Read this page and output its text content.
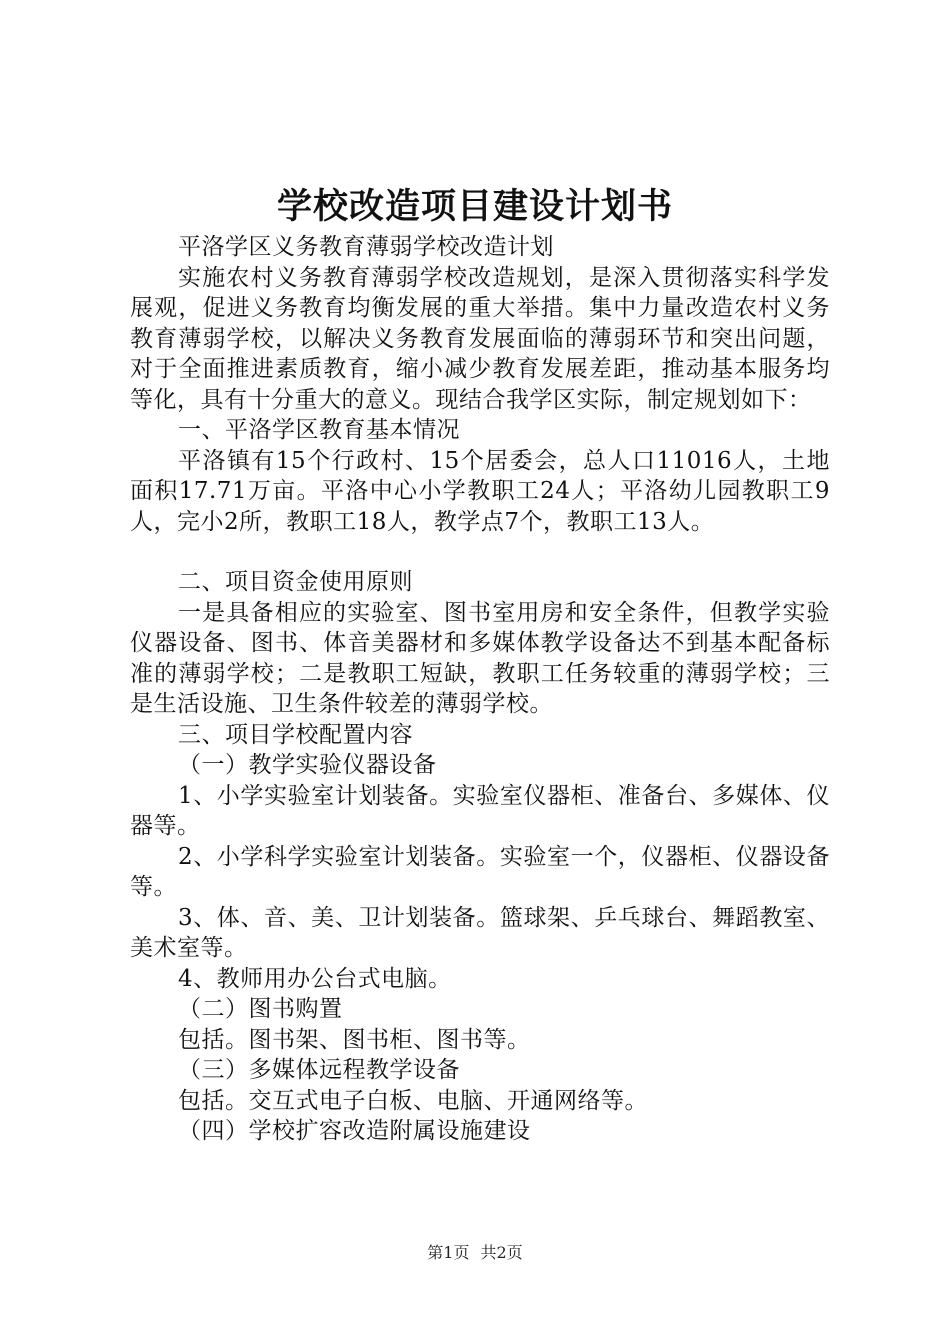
学校改造项目建设计划书

平洛学区义务教育薄弱学校改造计划

实施农村义务教育薄弱学校改造规划，是深入贯彻落实科学发展观，促进义务教育均衡发展的重大举措。集中力量改造农村义务教育薄弱学校，以解决义务教育发展面临的薄弱环节和突出问题，对于全面推进素质教育，缩小减少教育发展差距，推动基本服务均等化，具有十分重大的意义。现结合我学区实际，制定规划如下：

一、平洛学区教育基本情况

平洛镇有15个行政村、15个居委会，总人口11016人，土地面积17.71万亩。平洛中心小学教职工24人；平洛幼儿园教职工9人，完小2所，教职工18人，教学点7个，教职工13人。

二、项目资金使用原则

一是具备相应的实验室、图书室用房和安全条件，但教学实验仪器设备、图书、体音美器材和多媒体教学设备达不到基本配备标准的薄弱学校；二是教职工短缺，教职工任务较重的薄弱学校；三是生活设施、卫生条件较差的薄弱学校。

三、项目学校配置内容

（一）教学实验仪器设备

1、小学实验室计划装备。实验室仪器柜、准备台、多媒体、仪器等。

2、小学科学实验室计划装备。实验室一个，仪器柜、仪器设备等。

3、体、音、美、卫计划装备。篮球架、乒乓球台、舞蹈教室、美术室等。

4、教师用办公台式电脑。

（二）图书购置

包括。图书架、图书柜、图书等。

（三）多媒体远程教学设备

包括。交互式电子白板、电脑、开通网络等。

（四）学校扩容改造附属设施建设

第1页 共2页
